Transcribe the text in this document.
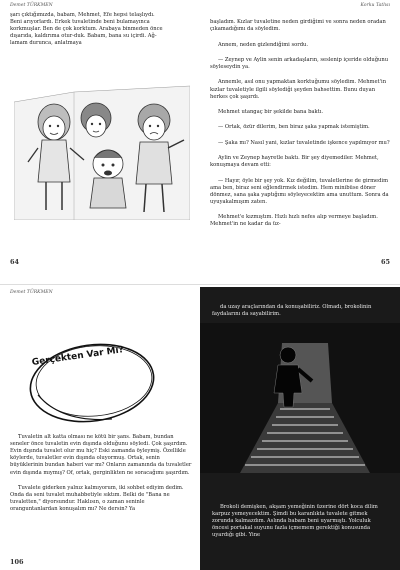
Demet TÜRKMEN
şarı çıktığımızda, babam, Mehmet, Efe hepsi telaşlıydı. Beni arıyorlardı. Erkek tuvaletinde beni bulamayınca korkmuşlar. Ben de çok korktum. Arabaya binmeden önce dışarıda, kaldırıma otur-duk. Babam, bana su içirdi. Ağ-lamam durunca, anlatmaya
64
Korku Tatlısı

başladım. Kızlar tuvaletine neden girdiğimi ve sonra neden oradan çıkamadığımı da söyledim.

Annem, neden gizlendiğimi sordu.

— Zeynep ve Aylin senin arkadaşların, seslenip içeride olduğunu söyleseydin ya.

Annemle, asıl onu yapmaktan korktuğumu söyledim. Mehmet'in kızlar tuvaletiyle ilgili söylediği şeyden bahsettim. Bunu duyan herkes çok şaşırdı.

Mehmet utangaç bir şekilde bana baktı.

— Ortak, özür dilerim, ben biraz şaka yapmak istemiştim.

— Şaka mı? Nasıl yani, kızlar tuvaletinde işkence yapılmıyor mu?

Aylin ve Zeynep hayretle baktı. Bir şey diyemediler. Mehmet, konuşmaya devam etti:

— Hayır, öyle bir şey yok. Kız değilim, tuvaletlerine de girmedim ama ben, biraz seni eğlendirmek istedim. Hem minibüse döner dönmez, sana şaka yaptığımı söyleyecektim ama unuttum. Sonra da uyuyakalmışım zaten.

Mehmet'e kızmıştım. Hızlı hızlı nefes alıp vermeye başladım. Mehmet'in ne kadar da üz-

65
Demet TÜRKMEN
Gerçekten Var Mı?

Tuvaletin alt katta olması ne kötü bir şans. Babam, bundan seneler önce tuvaletin evin dışında olduğunu söyledi. Çok şaşırdım. Evin dışında tuvalet olur mu hiç? Eski zamanda öyleymiş. Özellikle köylerde, tuvaletler evin dışında oluyormuş. Ortak, senin büyüklerinin bundan haberi var mı? Onların zamanında da tuvaletler evin dışında mıymış? Of, ortak, gerginlikten ne soracağımı şaşırdım.

Tuvalete giderken yalnız kalmıyorum, iki sohbet ediyim dedim. Onda da seni tuvalet muhabbetiyle sıktım. Belki de "Bana ne tuvaletten," diyorsundur. Haklısın, o zaman seninle oranguntanlardan konuşalım mı? Ne dersin? Ya

106

da uzay araçlarından da konuşabiliriz. Olmadı, brokolinin faydalarını da sayabilirim.

Brokoli demişken, akşam yemeğinin üzerine dört koca dilim karpuz yemeyecektim. Şimdi bu karanlıkta tuvalete gitmek zorunda kalmazdım. Aslında babam beni uyarmıştı. Yolculuk öncesi portakal suyunu fazla içmemem gerektiği konusunda uyardığı gibi. Yine
